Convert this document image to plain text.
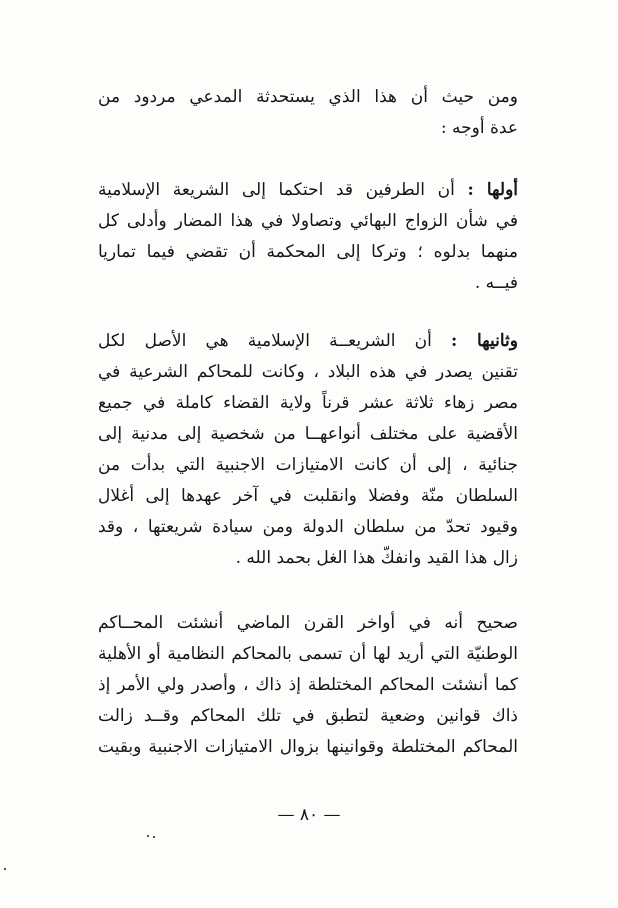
ومن حيث أن هذا الذي يستحدثة المدعي مردود من
عدة أوجه :
أولها : أن الطرفين قد احتكما إلى الشريعة الإسلامية
في شأن الزواج البهائي وتصاولا في هذا المضار وأدلى كل
منهما بدلوه ؛ وتركا إلى المحكمة أن تقضي فيما تماريا
فيــه .
وثانيها : أن الشريعــة الإسلامية هي الأصل لكل
تقنين يصدر في هذه البلاد ، وكانت للمحاكم الشرعية في
مصر زهاء ثلاثة عشر قرناً ولاية القضاء كاملة في جميع
الأقضية على مختلف أنواعهــا من شخصية إلى مدنية إلى
جنائية ، إلى أن كانت الامتيازات الاجنبية التي بدأت من
السلطان منّة وفضلا وانقلبت في آخر عهدها إلى أغلال
وقيود تحدّ من سلطان الدولة ومن سيادة شريعتها ، وقد
زال هذا القيد وانفكّ هذا الغل بحمد الله .
صحيح أنه في أواخر القرن الماضي أنشئت المحــاكم
الوطنيّة التي أريد لها أن تسمى بالمحاكم النظامية أو الأهلية
كما أنشئت المحاكم المختلطة إذ ذاك ، وأصدر ولي الأمر إذ
ذاك قوانين وضعية لتطبق في تلك المحاكم وقــد زالت
المحاكم المختلطة وقوانينها بزوال الامتيازات الاجنبية وبقيت
— ٨٠ —
